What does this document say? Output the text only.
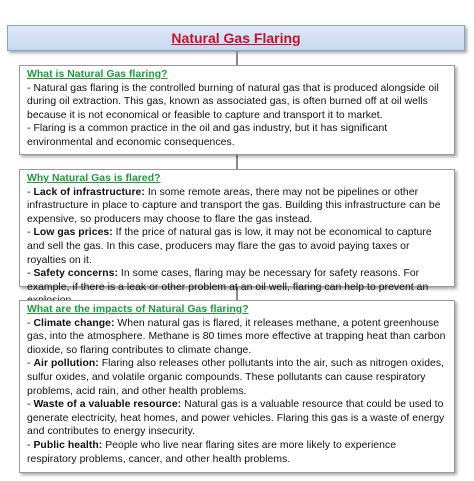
Natural Gas Flaring
What is Natural Gas flaring?

- Natural gas flaring is the controlled burning of natural gas that is produced alongside oil during oil extraction. This gas, known as associated gas, is often burned off at oil wells because it is not economical or feasible to capture and transport it to market.

- Flaring is a common practice in the oil and gas industry, but it has significant environmental and economic consequences.

Why Natural Gas is flared?

- Lack of infrastructure: In some remote areas, there may not be pipelines or other infrastructure in place to capture and transport the gas. Building this infrastructure can be expensive, so producers may choose to flare the gas instead.

- Low gas prices: If the price of natural gas is low, it may not be economical to capture and sell the gas. In this case, producers may flare the gas to avoid paying taxes or royalties on it.

- Safety concerns: In some cases, flaring may be necessary for safety reasons. For example, if there is a leak or other problem at an oil well, flaring can help to prevent an

What are the impacts of Natural Gas flaring?

- Climate change: When natural gas is flared, it releases methane, a potent greenhouse gas, into the atmosphere. Methane is 80 times more effective at trapping heat than carbon dioxide, so flaring contributes to climate change.

- Air pollution: Flaring also releases other pollutants into the air, such as nitrogen oxides, sulfur oxides, and volatile organic compounds. These pollutants can cause respiratory problems, acid rain, and other health problems.

- Waste of a valuable resource: Natural gas is a valuable resource that could be used to generate electricity, heat homes, and power vehicles. Flaring this gas is a waste of energy and contributes to energy insecurity.

- Public health: People who live near flaring sites are more likely to experience respiratory problems, cancer, and other health problems.
